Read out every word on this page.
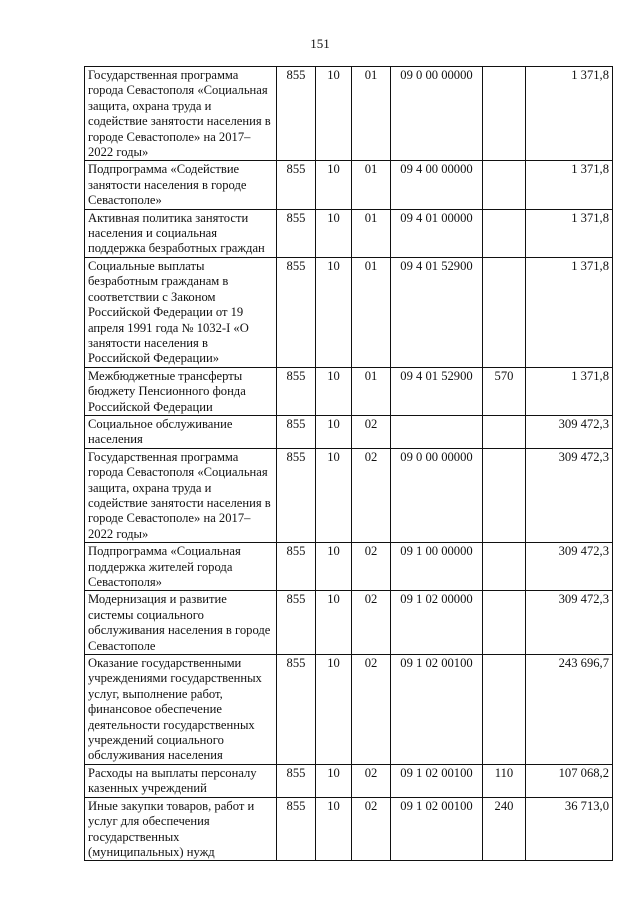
151
Государственная программа города Севастополя «Социальная защита, охрана труда и содействие занятости населения в городе Севастополе» на 2017–2022 годы»	855	10	01	09 0 00 00000		1 371,8
Подпрограмма «Содействие занятости населения в городе Севастополе»	855	10	01	09 4 00 00000		1 371,8
Активная политика занятости населения и социальная поддержка безработных граждан	855	10	01	09 4 01 00000		1 371,8
Социальные выплаты безработным гражданам в соответствии с Законом Российской Федерации от 19 апреля 1991 года № 1032-I «О занятости населения в Российской Федерации»	855	10	01	09 4 01 52900		1 371,8
Межбюджетные трансферты бюджету Пенсионного фонда Российской Федерации	855	10	01	09 4 01 52900	570	1 371,8
Социальное обслуживание населения	855	10	02			309 472,3
Государственная программа города Севастополя «Социальная защита, охрана труда и содействие занятости населения в городе Севастополе» на 2017–2022 годы»	855	10	02	09 0 00 00000		309 472,3
Подпрограмма «Социальная поддержка жителей города Севастополя»	855	10	02	09 1 00 00000		309 472,3
Модернизация и развитие системы социального обслуживания населения в городе Севастополе	855	10	02	09 1 02 00000		309 472,3
Оказание государственными учреждениями государственных услуг, выполнение работ, финансовое обеспечение деятельности государственных учреждений социального обслуживания населения	855	10	02	09 1 02 00100		243 696,7
Расходы на выплаты персоналу казенных учреждений	855	10	02	09 1 02 00100	110	107 068,2
Иные закупки товаров, работ и услуг для обеспечения государственных (муниципальных) нужд	855	10	02	09 1 02 00100	240	36 713,0
